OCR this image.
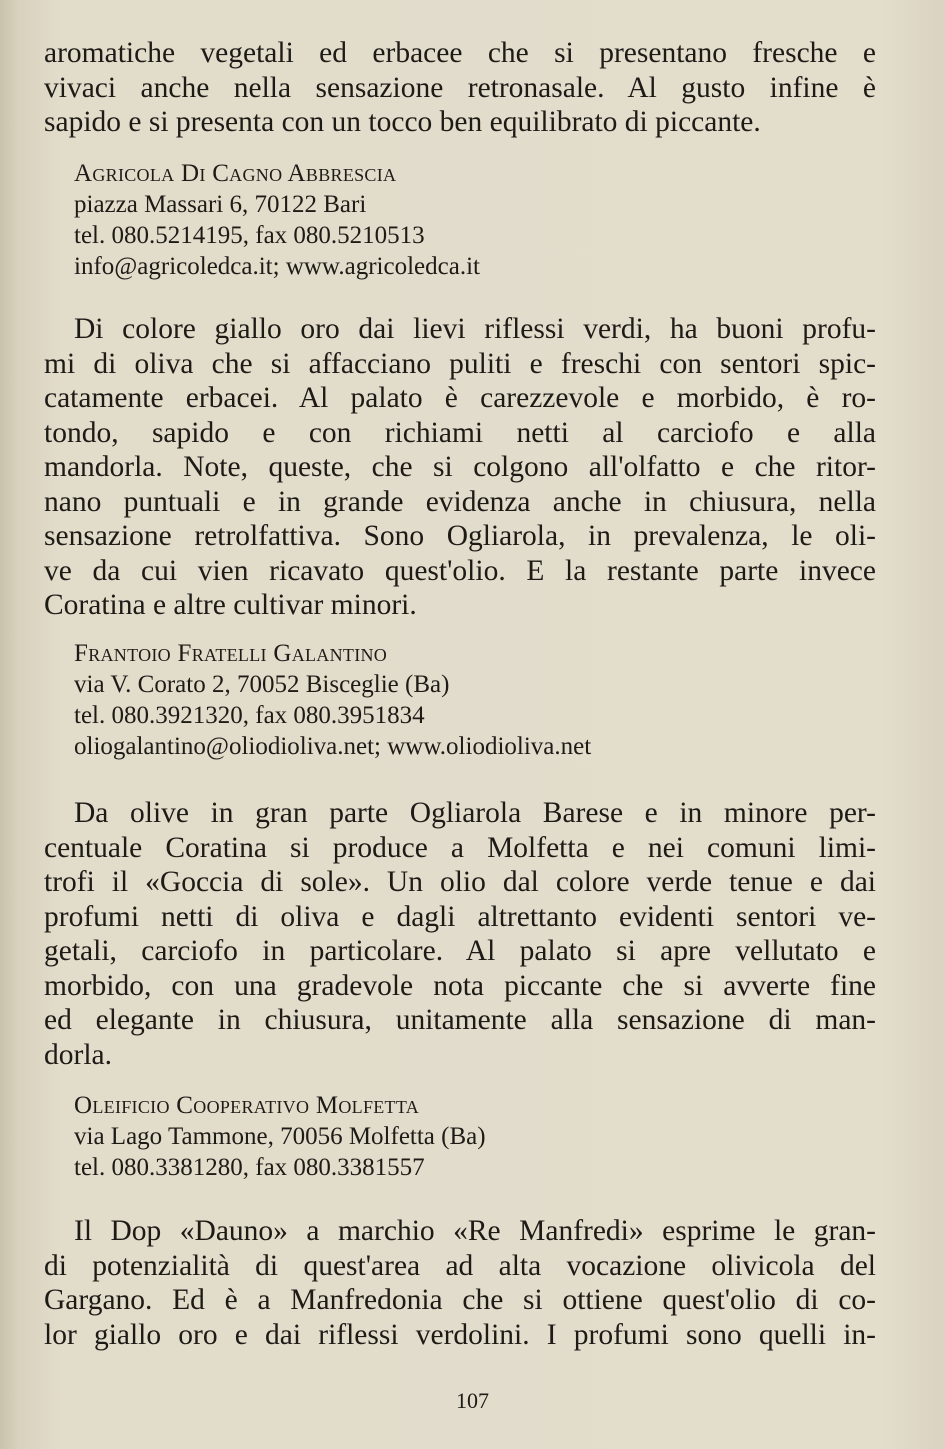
aromatiche vegetali ed erbacee che si presentano fresche e
vivaci anche nella sensazione retronasale. Al gusto infine è
sapido e si presenta con un tocco ben equilibrato di piccante.
Agricola Di Cagno Abbrescia
piazza Massari 6, 70122 Bari
tel. 080.5214195, fax 080.5210513
info@agricoledca.it; www.agricoledca.it
Di colore giallo oro dai lievi riflessi verdi, ha buoni profu-
mi di oliva che si affacciano puliti e freschi con sentori spic-
catamente erbacei. Al palato è carezzevole e morbido, è ro-
tondo, sapido e con richiami netti al carciofo e alla
mandorla. Note, queste, che si colgono all'olfatto e che ritor-
nano puntuali e in grande evidenza anche in chiusura, nella
sensazione retrolfattiva. Sono Ogliarola, in prevalenza, le oli-
ve da cui vien ricavato quest'olio. E la restante parte invece
Coratina e altre cultivar minori.
Frantoio Fratelli Galantino
via V. Corato 2, 70052 Bisceglie (Ba)
tel. 080.3921320, fax 080.3951834
oliogalantino@oliodioliva.net; www.oliodioliva.net
Da olive in gran parte Ogliarola Barese e in minore per-
centuale Coratina si produce a Molfetta e nei comuni limi-
trofi il «Goccia di sole». Un olio dal colore verde tenue e dai
profumi netti di oliva e dagli altrettanto evidenti sentori ve-
getali, carciofo in particolare. Al palato si apre vellutato e
morbido, con una gradevole nota piccante che si avverte fine
ed elegante in chiusura, unitamente alla sensazione di man-
dorla.
Oleificio Cooperativo Molfetta
via Lago Tammone, 70056 Molfetta (Ba)
tel. 080.3381280, fax 080.3381557
Il Dop «Dauno» a marchio «Re Manfredi» esprime le gran-
di potenzialità di quest'area ad alta vocazione olivicola del
Gargano. Ed è a Manfredonia che si ottiene quest'olio di co-
lor giallo oro e dai riflessi verdolini. I profumi sono quelli in-
107
